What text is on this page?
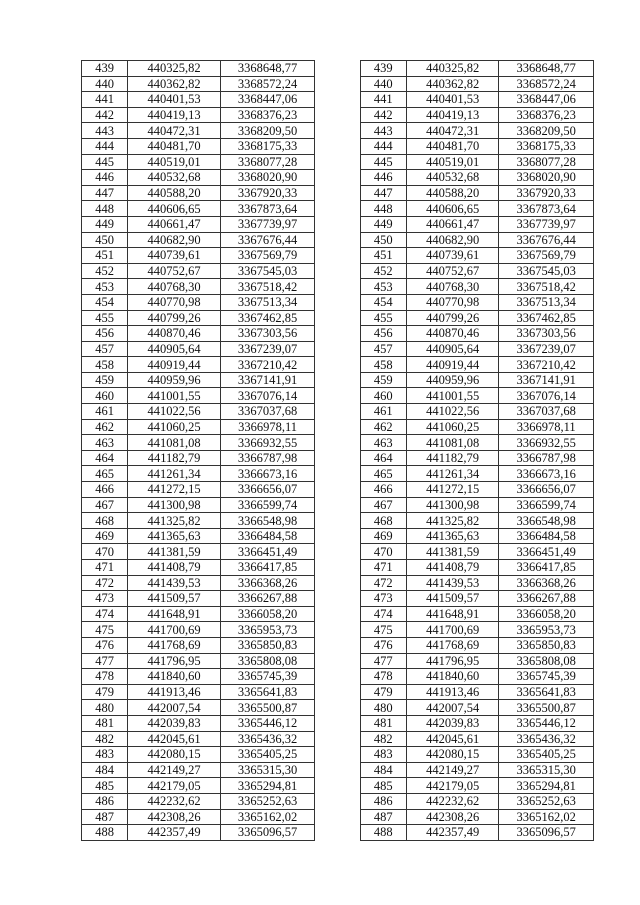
439	440325,82	3368648,77		439	440325,82	3368648,77
440	440362,82	3368572,24		440	440362,82	3368572,24
441	440401,53	3368447,06		441	440401,53	3368447,06
442	440419,13	3368376,23		442	440419,13	3368376,23
443	440472,31	3368209,50		443	440472,31	3368209,50
444	440481,70	3368175,33		444	440481,70	3368175,33
445	440519,01	3368077,28		445	440519,01	3368077,28
446	440532,68	3368020,90		446	440532,68	3368020,90
447	440588,20	3367920,33		447	440588,20	3367920,33
448	440606,65	3367873,64		448	440606,65	3367873,64
449	440661,47	3367739,97		449	440661,47	3367739,97
450	440682,90	3367676,44		450	440682,90	3367676,44
451	440739,61	3367569,79		451	440739,61	3367569,79
452	440752,67	3367545,03		452	440752,67	3367545,03
453	440768,30	3367518,42		453	440768,30	3367518,42
454	440770,98	3367513,34		454	440770,98	3367513,34
455	440799,26	3367462,85		455	440799,26	3367462,85
456	440870,46	3367303,56		456	440870,46	3367303,56
457	440905,64	3367239,07		457	440905,64	3367239,07
458	440919,44	3367210,42		458	440919,44	3367210,42
459	440959,96	3367141,91		459	440959,96	3367141,91
460	441001,55	3367076,14		460	441001,55	3367076,14
461	441022,56	3367037,68		461	441022,56	3367037,68
462	441060,25	3366978,11		462	441060,25	3366978,11
463	441081,08	3366932,55		463	441081,08	3366932,55
464	441182,79	3366787,98		464	441182,79	3366787,98
465	441261,34	3366673,16		465	441261,34	3366673,16
466	441272,15	3366656,07		466	441272,15	3366656,07
467	441300,98	3366599,74		467	441300,98	3366599,74
468	441325,82	3366548,98		468	441325,82	3366548,98
469	441365,63	3366484,58		469	441365,63	3366484,58
470	441381,59	3366451,49		470	441381,59	3366451,49
471	441408,79	3366417,85		471	441408,79	3366417,85
472	441439,53	3366368,26		472	441439,53	3366368,26
473	441509,57	3366267,88		473	441509,57	3366267,88
474	441648,91	3366058,20		474	441648,91	3366058,20
475	441700,69	3365953,73		475	441700,69	3365953,73
476	441768,69	3365850,83		476	441768,69	3365850,83
477	441796,95	3365808,08		477	441796,95	3365808,08
478	441840,60	3365745,39		478	441840,60	3365745,39
479	441913,46	3365641,83		479	441913,46	3365641,83
480	442007,54	3365500,87		480	442007,54	3365500,87
481	442039,83	3365446,12		481	442039,83	3365446,12
482	442045,61	3365436,32		482	442045,61	3365436,32
483	442080,15	3365405,25		483	442080,15	3365405,25
484	442149,27	3365315,30		484	442149,27	3365315,30
485	442179,05	3365294,81		485	442179,05	3365294,81
486	442232,62	3365252,63		486	442232,62	3365252,63
487	442308,26	3365162,02		487	442308,26	3365162,02
488	442357,49	3365096,57		488	442357,49	3365096,57
